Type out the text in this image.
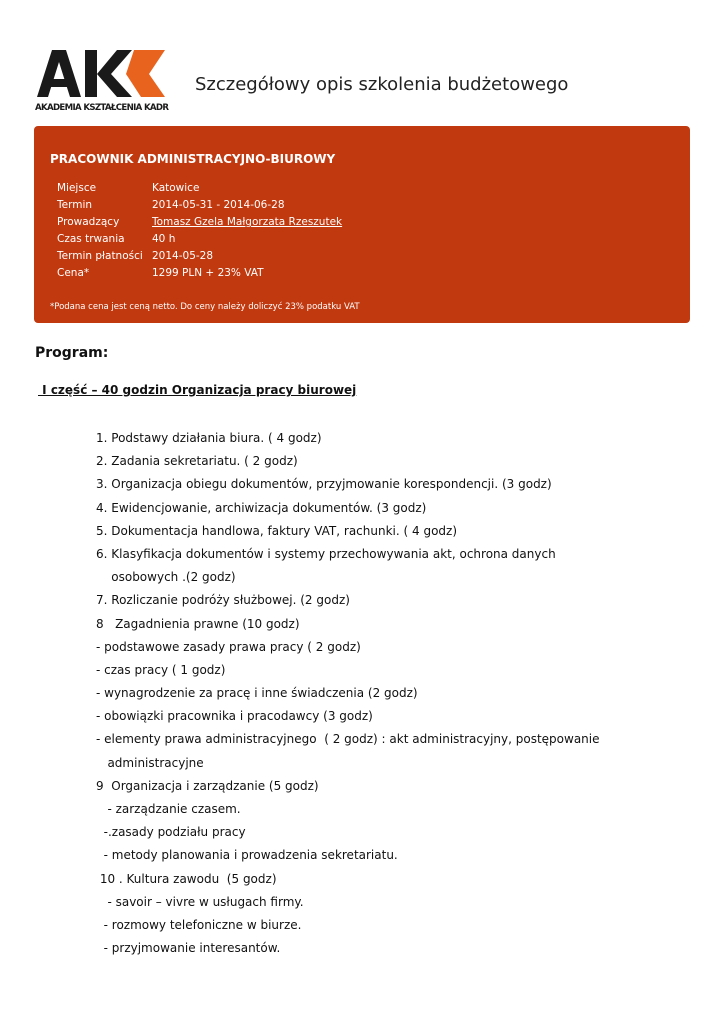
AKADEMIA KSZTAŁCENIA KADR
Szczegółowy opis szkolenia budżetowego
PRACOWNIK ADMINISTRACYJNO-BIUROWY
Miejsce	Katowice
Termin	2014-05-31 - 2014-06-28
Prowadzący	Tomasz Gzela Małgorzata Rzeszutek
Czas trwania	40 h
Termin płatności 2014-05-28
Cena*	1299 PLN + 23% VAT
*Podana cena jest ceną netto. Do ceny należy doliczyć 23% podatku VAT
Program:
I część – 40 godzin Organizacja pracy biurowej
1. Podstawy działania biura. ( 4 godz)
2. Zadania sekretariatu. ( 2 godz)
3. Organizacja obiegu dokumentów, przyjmowanie korespondencji. (3 godz)
4. Ewidencjowanie, archiwizacja dokumentów. (3 godz)
5. Dokumentacja handlowa, faktury VAT, rachunki. ( 4 godz)
6. Klasyfikacja dokumentów i systemy przechowywania akt, ochrona danych
osobowych .(2 godz)
7. Rozliczanie podróży służbowej. (2 godz)
8   Zagadnienia prawne (10 godz)
- podstawowe zasady prawa pracy ( 2 godz)
- czas pracy ( 1 godz)
- wynagrodzenie za pracę i inne świadczenia (2 godz)
- obowiązki pracownika i pracodawcy (3 godz)
- elementy prawa administracyjnego  ( 2 godz) : akt administracyjny, postępowanie
administracyjne
9  Organizacja i zarządzanie (5 godz)
- zarządzanie czasem.
-.zasady podziału pracy
- metody planowania i prowadzenia sekretariatu.
10 . Kultura zawodu  (5 godz)
- savoir – vivre w usługach firmy.
- rozmowy telefoniczne w biurze.
- przyjmowanie interesantów.
